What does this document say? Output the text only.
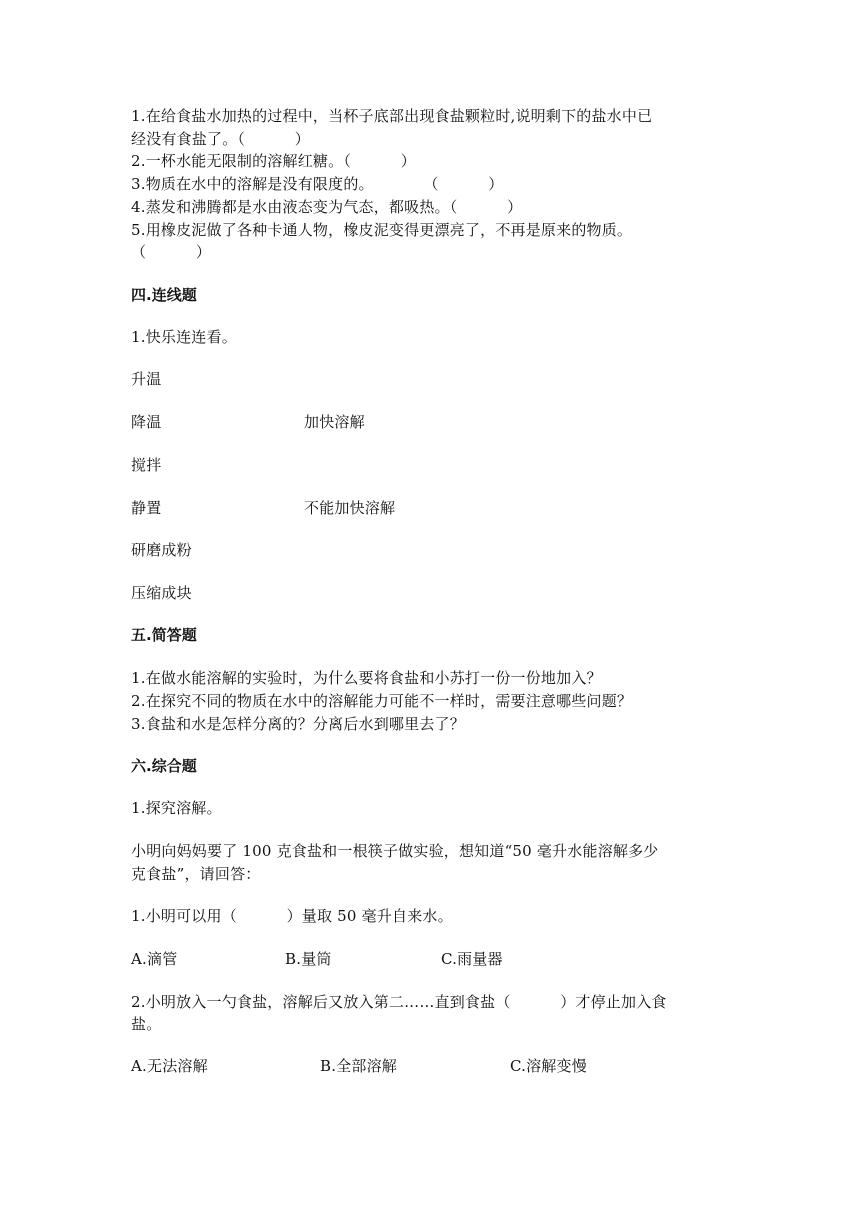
1.在给食盐水加热的过程中，当杯子底部出现食盐颗粒时,说明剩下的盐水中已
经没有食盐了。（          ）
2.一杯水能无限制的溶解红糖。（          ）
3.物质在水中的溶解是没有限度的。          （          ）
4.蒸发和沸腾都是水由液态变为气态，都吸热。（          ）
5.用橡皮泥做了各种卡通人物，橡皮泥变得更漂亮了，不再是原来的物质。
（          ）
四.连线题
1.快乐连连看。
升温
降温	加快溶解
搅拌
静置	不能加快溶解
研磨成粉
压缩成块
五.简答题
1.在做水能溶解的实验时，为什么要将食盐和小苏打一份一份地加入？
2.在探究不同的物质在水中的溶解能力可能不一样时，需要注意哪些问题？
3.食盐和水是怎样分离的？分离后水到哪里去了？
六.综合题
1.探究溶解。
小明向妈妈要了 100 克食盐和一根筷子做实验，想知道“50 毫升水能溶解多少
克食盐”，请回答：
1.小明可以用（          ）量取 50 毫升自来水。
A.滴管	B.量筒	C.雨量器
2.小明放入一勺食盐，溶解后又放入第二……直到食盐（          ）才停止加入食
盐。
A.无法溶解	B.全部溶解	C.溶解变慢
